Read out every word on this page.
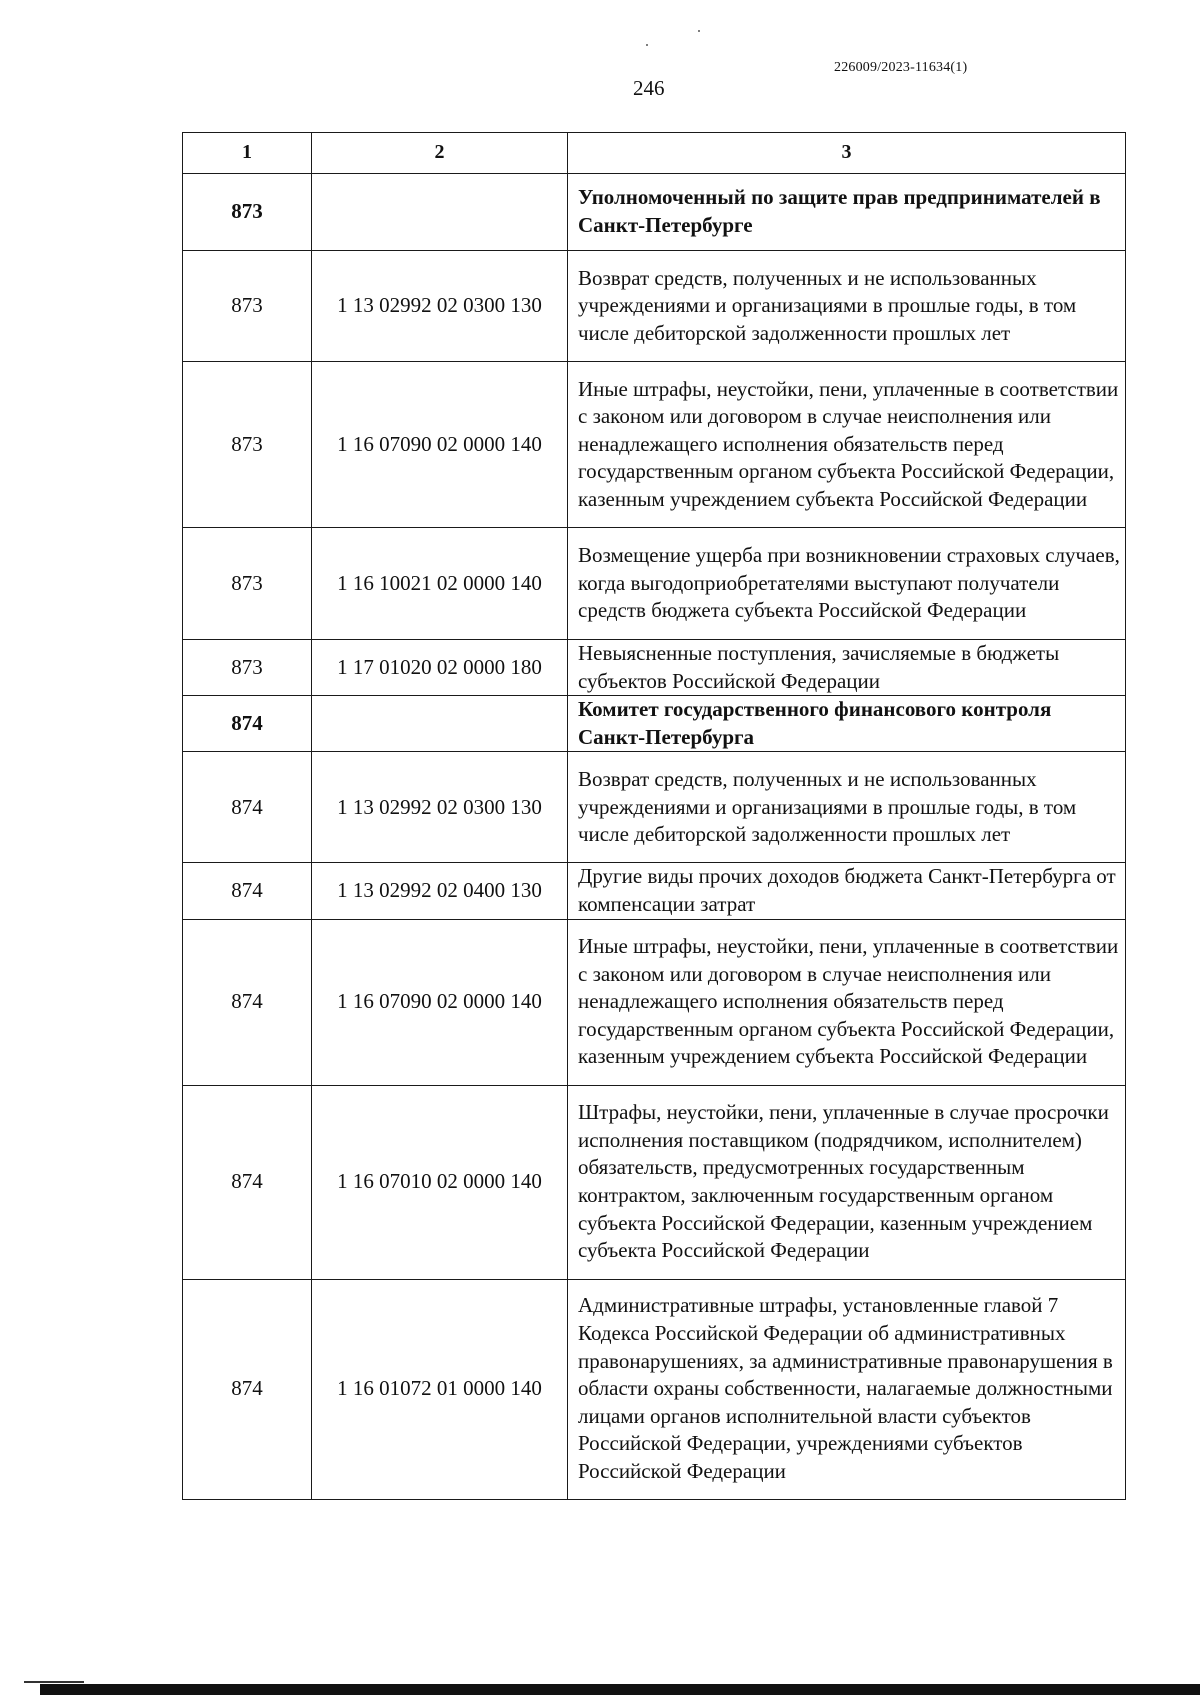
226009/2023-11634(1)
246
1	2	3
873		Уполномоченный по защите прав предпринимателей в Санкт-Петербурге
873	1 13 02992 02 0300 130	Возврат средств, полученных и не использованных учреждениями и организациями в прошлые годы, в том числе дебиторской задолженности прошлых лет
873	1 16 07090 02 0000 140	Иные штрафы, неустойки, пени, уплаченные в соответствии с законом или договором в случае неисполнения или ненадлежащего исполнения обязательств перед государственным органом субъекта Российской Федерации, казенным учреждением субъекта Российской Федерации
873	1 16 10021 02 0000 140	Возмещение ущерба при возникновении страховых случаев, когда выгодоприобретателями выступают получатели средств бюджета субъекта Российской Федерации
873	1 17 01020 02 0000 180	Невыясненные поступления, зачисляемые в бюджеты субъектов Российской Федерации
874		Комитет государственного финансового контроля Санкт-Петербурга
874	1 13 02992 02 0300 130	Возврат средств, полученных и не использованных учреждениями и организациями в прошлые годы, в том числе дебиторской задолженности прошлых лет
874	1 13 02992 02 0400 130	Другие виды прочих доходов бюджета Санкт-Петербурга от компенсации затрат
874	1 16 07090 02 0000 140	Иные штрафы, неустойки, пени, уплаченные в соответствии с законом или договором в случае неисполнения или ненадлежащего исполнения обязательств перед государственным органом субъекта Российской Федерации, казенным учреждением субъекта Российской Федерации
874	1 16 07010 02 0000 140	Штрафы, неустойки, пени, уплаченные в случае просрочки исполнения поставщиком (подрядчиком, исполнителем) обязательств, предусмотренных государственным контрактом, заключенным государственным органом субъекта Российской Федерации, казенным учреждением субъекта Российской Федерации
874	1 16 01072 01 0000 140	Административные штрафы, установленные главой 7 Кодекса Российской Федерации об административных правонарушениях, за административные правонарушения в области охраны собственности, налагаемые должностными лицами органов исполнительной власти субъектов Российской Федерации, учреждениями субъектов Российской Федерации
